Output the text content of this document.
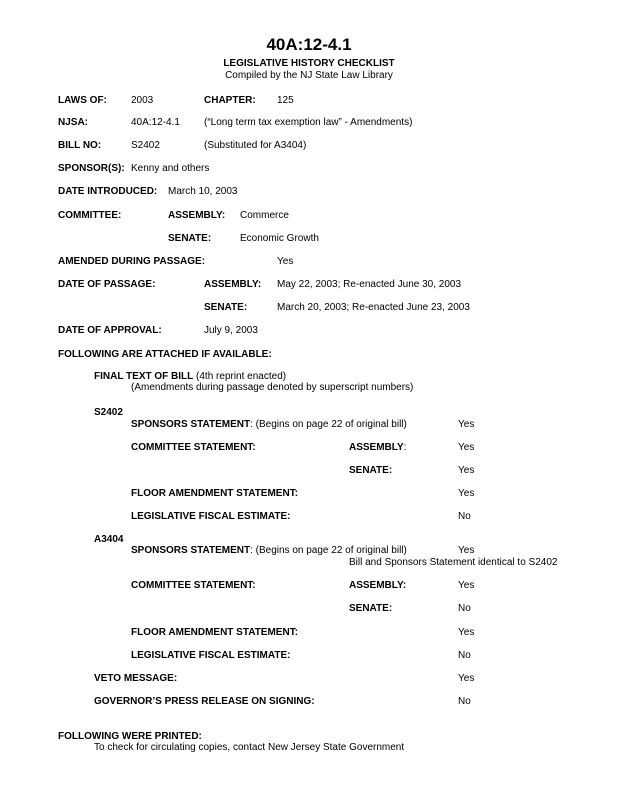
40A:12-4.1
LEGISLATIVE HISTORY CHECKLIST
Compiled by the NJ State Law Library
LAWS OF: 2003	CHAPTER: 125
NJSA:	40A:12-4.1 (“Long term tax exemption law” - Amendments)
BILL NO:	S2402	(Substituted for A3404)
SPONSOR(S): Kenny and others
DATE INTRODUCED: March 10, 2003
COMMITTEE:	ASSEMBLY: Commerce
SENATE:	Economic Growth
AMENDED DURING PASSAGE:	Yes
DATE OF PASSAGE:	ASSEMBLY: May 22, 2003; Re-enacted June 30, 2003
SENATE:	March 20, 2003; Re-enacted June 23, 2003
DATE OF APPROVAL:	July 9, 2003
FOLLOWING ARE ATTACHED IF AVAILABLE:
FINAL TEXT OF BILL (4th reprint enacted)
(Amendments during passage denoted by superscript numbers)
S2402
SPONSORS STATEMENT: (Begins on page 22 of original bill)	Yes
COMMITTEE STATEMENT:	ASSEMBLY:	Yes
SENATE:	Yes
FLOOR AMENDMENT STATEMENT:	Yes
LEGISLATIVE FISCAL ESTIMATE:	No
A3404
SPONSORS STATEMENT: (Begins on page 22 of original bill)	Yes
Bill and Sponsors Statement identical to S2402
COMMITTEE STATEMENT:	ASSEMBLY:	Yes
SENATE:	No
FLOOR AMENDMENT STATEMENT:	Yes
LEGISLATIVE FISCAL ESTIMATE:	No
VETO MESSAGE:	Yes
GOVERNOR’S PRESS RELEASE ON SIGNING:	No
FOLLOWING WERE PRINTED:
To check for circulating copies, contact New Jersey State Government
